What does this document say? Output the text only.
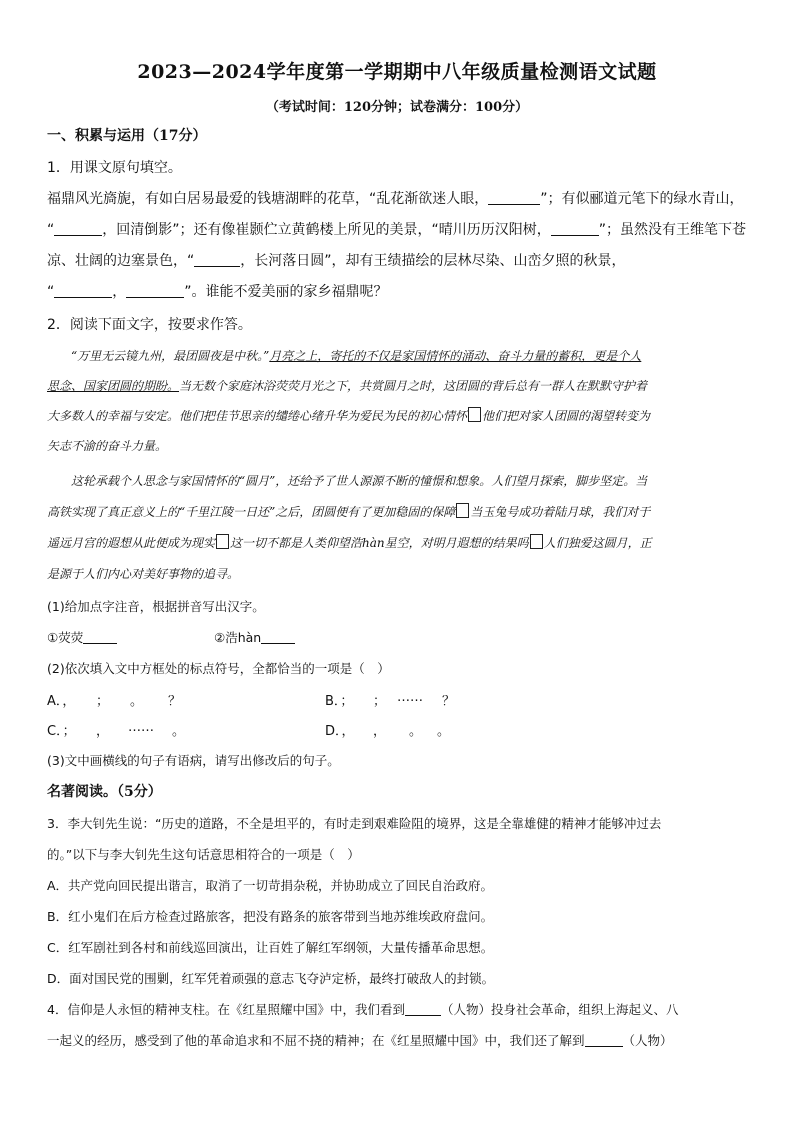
2023—2024学年度第一学期期中八年级质量检测语文试题
（考试时间：120分钟；试卷满分：100分）
一、积累与运用（17分）
1．用课文原句填空。
福鼎风光旖旎，有如白居易最爱的钱塘湖畔的花草，“乱花渐欲迷人眼，	”；有似郦道元笔下的绿水青山，
“	，回清倒影”；还有像崔颢伫立黄鹤楼上所见的美景，“晴川历历汉阳树，	”；虽然没有王维笔下苍
凉、壮阔的边塞景色，“	，长河落日圆”，却有王绩描绘的层林尽染、山峦夕照的秋景，
“	，	”。谁能不爱美丽的家乡福鼎呢？
2．阅读下面文字，按要求作答。
“万里无云镜九州，最团圆夜是中秋。”月亮之上，寄托的不仅是家国情怀的涌动、奋斗力量的蓄积，更是个人
思念、国家团圆的期盼。当无数个家庭沐浴荧荧月光之下，共赏圆月之时，这团圆的背后总有一群人在默默守护着
大多数人的幸福与安定。他们把佳节思亲的缱绻心绪升华为爱民为民的初心情怀 他们把对家人团圆的渴望转变为
矢志不渝的奋斗力量。
这轮承载个人思念与家国情怀的“圆月”，还给予了世人源源不断的憧憬和想象。人们望月探索，脚步坚定。当
高铁实现了真正意义上的“千里江陵一日还”之后，团圆便有了更加稳固的保障 当玉兔号成功着陆月球，我们对于
遥远月宫的遐想从此便成为现实 这一切不都是人类仰望浩hàn星空，对明月遐想的结果吗 人们独爱这圆月，正
是源于人们内心对美好事物的追寻。
(1)给加点字注音，根据拼音写出汉字。
①荧荧	②浩hàn
(2)依次填入文中方框处的标点符号，全都恰当的一项是（　）
A．， ； 。 ？	B．； ； …… ？
C．； ， …… 。	D．， ， 。 。
(3)文中画横线的句子有语病，请写出修改后的句子。
名著阅读。（5分）
3．李大钊先生说：“历史的道路，不全是坦平的，有时走到艰难险阻的境界，这是全靠雄健的精神才能够冲过去
的。”以下与李大钊先生这句话意思相符合的一项是（　）
A．共产党向回民提出谐言，取消了一切苛捐杂税，并协助成立了回民自治政府。
B．红小鬼们在后方检查过路旅客，把没有路条的旅客带到当地苏维埃政府盘问。
C．红军剧社到各村和前线巡回演出，让百姓了解红军纲领，大量传播革命思想。
D．面对国民党的围剿，红军凭着顽强的意志飞夺泸定桥，最终打破敌人的封锁。
4．信仰是人永恒的精神支柱。在《红星照耀中国》中，我们看到	（人物）投身社会革命，组织上海起义、八
一起义的经历，感受到了他的革命追求和不屈不挠的精神；在《红星照耀中国》中，我们还了解到	（人物）
